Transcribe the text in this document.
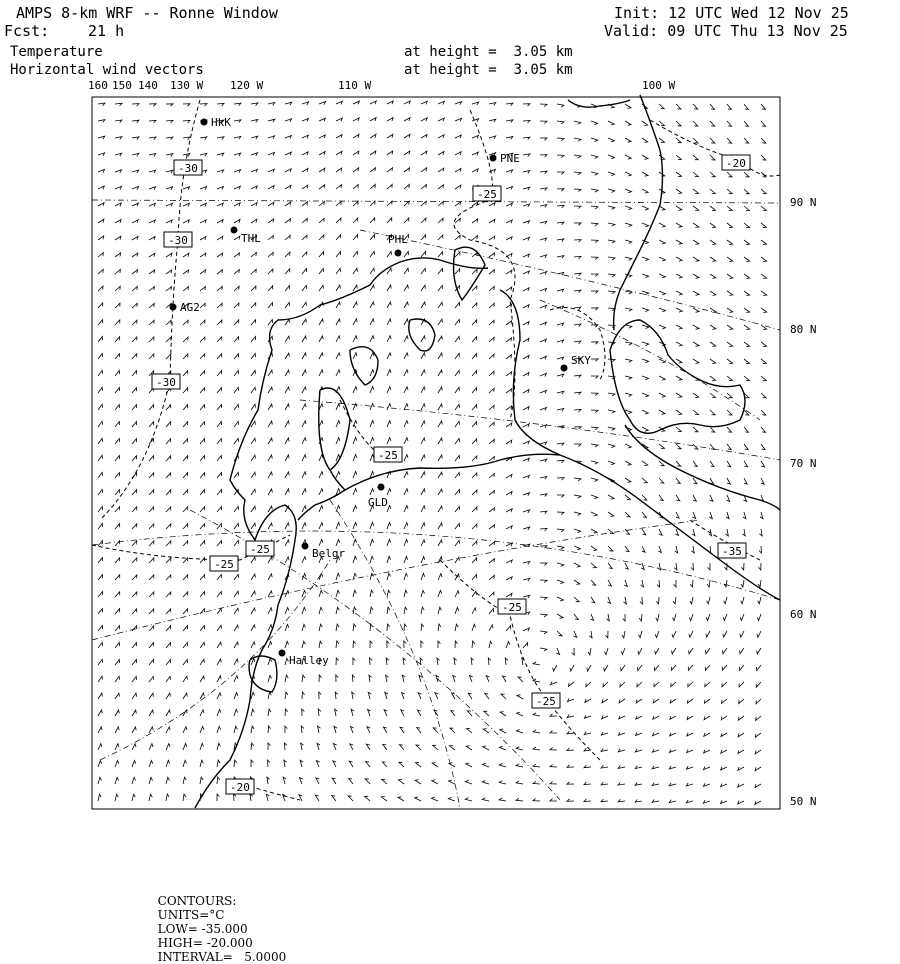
AMPS 8-km WRF -- Ronne Window
Fcst:	21 h
Temperature
Horizontal wind vectors
at height =  3.05 km
at height =  3.05 km
Init: 12 UTC Wed 12 Nov 25
Valid: 09 UTC Thu 13 Nov 25
160 150 140 130 W 120 W	110 W	100 W
90 N
80 N
70 N
60 N
50 N
HkK
PNE
THL	PHL
AG2
SKY
GLD
Belgr
Halley
-30
-30
-30
-25
-20
-25
-25
-25
-25
-35
-25
-20

CONTOURS:
UNITS=°C
LOW= -35.000
HIGH= -20.000
INTERVAL=   5.0000
